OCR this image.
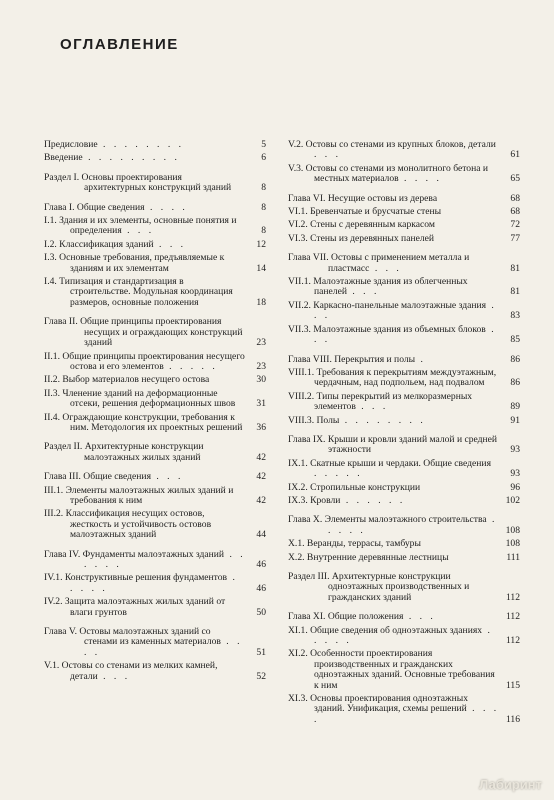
ОГЛАВЛЕНИЕ
Предисловие . . . . . . . .	5
Введение . . . . . . . . .	6
Раздел I. Основы проектирования архитектурных конструкций зданий	8
Глава I. Общие сведения . . . .	8
I.1. Здания и их элементы, основные понятия и определения . . .	8
I.2. Классификация зданий . . .	12
I.3. Основные требования, предъявляемые к зданиям и их элементам	14
I.4. Типизация и стандартизация в строительстве. Модульная координация размеров, основные положения	18
Глава II. Общие принципы проектирования несущих и ограждающих конструкций зданий	23
II.1. Общие принципы проектирования несущего остова и его элементов . . . . .	23
II.2. Выбор материалов несущего остова	30
II.3. Членение зданий на деформационные отсеки, решения деформационных швов 31
II.4. Ограждающие конструкции, требования к ним. Методология их проектных решений 36
Раздел II. Архитектурные конструкции малоэтажных жилых зданий	42
Глава III. Общие сведения . . .	42
III.1. Элементы малоэтажных жилых зданий и требования к ним	42
III.2. Классификация несущих остовов, жесткость и устойчивость остовов малоэтажных зданий	44
Глава IV. Фундаменты малоэтажных зданий . . . . . .	46
IV.1. Конструктивные решения фундаментов . . . . .	46
IV.2. Защита малоэтажных жилых зданий от влаги грунтов	50
Глава V. Остовы малоэтажных зданий со стенами из каменных материалов . . . .	51
V.1. Остовы со стенами из мелких камней, детали . . .	52
V.2. Остовы со стенами из крупных блоков, детали . . .	61
V.3. Остовы со стенами из монолитного бетона и местных материалов . . . .	65
Глава VI. Несущие остовы из дерева	68
VI.1. Бревенчатые и брусчатые стены	68
VI.2. Стены с деревянным каркасом	72
VI.3. Стены из деревянных панелей	77
Глава VII. Остовы с применением металла и пластмасс . . .	81
VII.1. Малоэтажные здания из облегченных панелей . . .	81
VII.2. Каркасно-панельные малоэтажные здания . . .	83
VII.3. Малоэтажные здания из объемных блоков . . .	85
Глава VIII. Перекрытия и полы .	86
VIII.1. Требования к перекрытиям междуэтажным, чердачным, над подпольем, над подвалом	86
VIII.2. Типы перекрытий из мелкоразмерных элементов . . .	89
VIII.3. Полы . . . . . . . .	91
Глава IX. Крыши и кровли зданий малой и средней этажности	93
IX.1. Скатные крыши и чердаки. Общие сведения . . . . .	93
IX.2. Стропильные конструкции	96
IX.3. Кровли . . . . . .	102
Глава X. Элементы малоэтажного строительства . . . . .	108
X.1. Веранды, террасы, тамбуры	108
X.2. Внутренние деревянные лестницы	111
Раздел III. Архитектурные конструкции одноэтажных производственных и гражданских зданий	112
Глава XI. Общие положения . . .	112
XI.1. Общие сведения об одноэтажных зданиях . . . . .	112
XI.2. Особенности проектирования производственных и гражданских одноэтажных зданий. Основные требования к ним	115
XI.3. Основы проектирования одноэтажных зданий. Унификация, схемы решений . . . .	116
Лабиринт
